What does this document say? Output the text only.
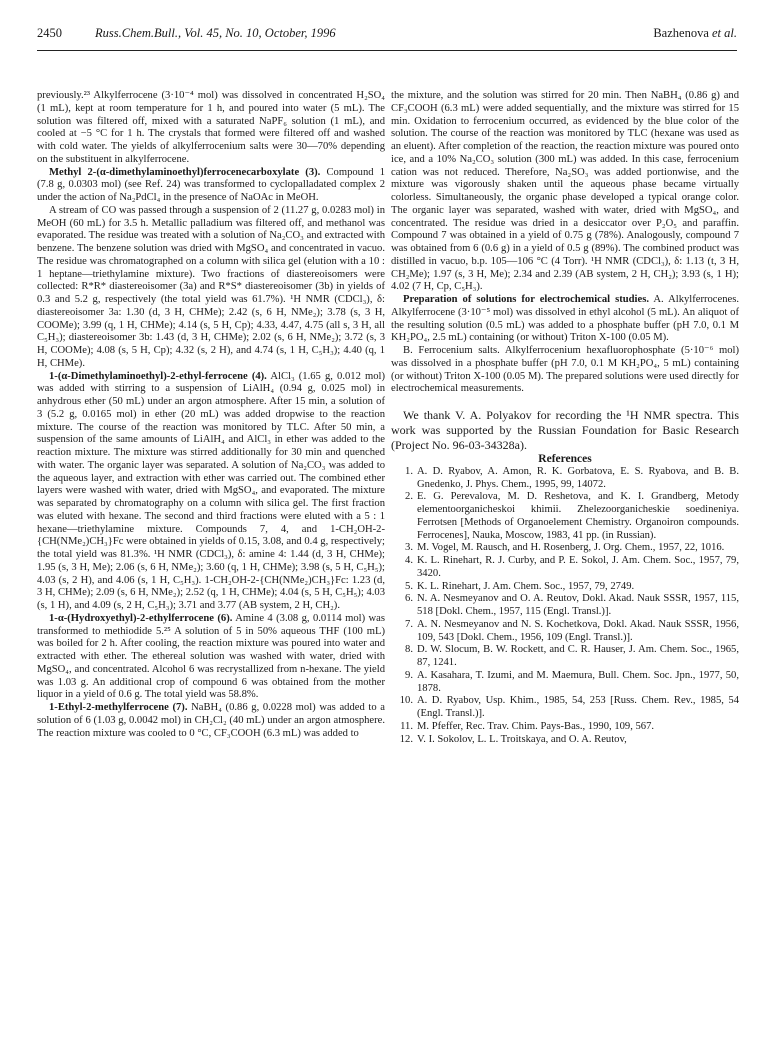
2450	Russ.Chem.Bull., Vol. 45, No. 10, October, 1996	Bazhenova et al.

previously.²³ Alkylferrocene (3·10⁻⁴ mol) was dissolved in concentrated H₂SO₄ (1 mL), kept at room temperature for 1 h, and poured into water (5 mL). The solution was filtered off, mixed with a saturated NaPF₆ solution (1 mL), and cooled at −5 °C for 1 h. The crystals that formed were filtered off and washed with cold water. The yields of alkylferrocenium salts were 30—70% depending on the substituent in alkylferrocene.

Methyl 2-(α-dimethylaminoethyl)ferrocenecarboxylate (3). Compound 1 (7.8 g, 0.0303 mol) (see Ref. 24) was transformed to cyclopalladated complex 2 under the action of Na₂PdCl₄ in the presence of NaOAc in MeOH.

A stream of CO was passed through a suspension of 2 (11.27 g, 0.0283 mol) in MeOH (60 mL) for 3.5 h. Metallic palladium was filtered off, and methanol was evaporated. The residue was treated with a solution of Na₂CO₃ and extracted with benzene. The benzene solution was dried with MgSO₄ and concentrated in vacuo. The residue was chromatographed on a column with silica gel (elution with a 10 : 1 heptane—triethylamine mixture). Two fractions of diastereoisomers were collected: R*R* diastereoisomer (3a) and R*S* diastereoisomer (3b) in yields of 0.3 and 5.2 g, respectively (the total yield was 61.7%). ¹H NMR (CDCl₃), δ: diastereoisomer 3a: 1.30 (d, 3 H, CHMe); 2.42 (s, 6 H, NMe₂); 3.78 (s, 3 H, COOMe); 3.99 (q, 1 H, CHMe); 4.14 (s, 5 H, Cp); 4.33, 4.47, 4.75 (all s, 3 H, all C₅H₃); diastereoisomer 3b: 1.43 (d, 3 H, CHMe); 2.02 (s, 6 H, NMe₂); 3.72 (s, 3 H, COOMe); 4.08 (s, 5 H, Cp); 4.32 (s, 2 H), and 4.74 (s, 1 H, C₅H₃); 4.40 (q, 1 H, CHMe).

1-(α-Dimethylaminoethyl)-2-ethyl-ferrocene (4). AlCl₃ (1.65 g, 0.012 mol) was added with stirring to a suspension of LiAlH₄ (0.94 g, 0.025 mol) in anhydrous ether (50 mL) under an argon atmosphere. After 15 min, a solution of 3 (5.2 g, 0.0165 mol) in ether (20 mL) was added dropwise to the reaction mixture. The course of the reaction was monitored by TLC. After 50 min, a suspension of the same amounts of LiAlH₄ and AlCl₃ in ether was added to the reaction mixture. The mixture was stirred additionally for 30 min and quenched with water. The organic layer was separated. A solution of Na₂CO₃ was added to the aqueous layer, and extraction with ether was carried out. The combined ether layers were washed with water, dried with MgSO₄, and evaporated. The mixture was separated by chromatography on a column with silica gel. The first fraction was eluted with hexane. The second and third fractions were eluted with a 5 : 1 hexane—triethylamine mixture. Compounds 7, 4, and 1-CH₂OH-2-{CH(NMe₂)CH₃}Fc were obtained in yields of 0.15, 3.08, and 0.4 g, respectively; the total yield was 81.3%. ¹H NMR (CDCl₃), δ: amine 4: 1.44 (d, 3 H, CHMe); 1.95 (s, 3 H, Me); 2.06 (s, 6 H, NMe₂); 3.60 (q, 1 H, CHMe); 3.98 (s, 5 H, C₅H₅); 4.03 (s, 2 H), and 4.06 (s, 1 H, C₅H₃). 1-CH₂OH-2-{CH(NMe₂)CH₃}Fc: 1.23 (d, 3 H, CHMe); 2.09 (s, 6 H, NMe₂); 2.52 (q, 1 H, CHMe); 4.04 (s, 5 H, C₅H₅); 4.03 (s, 1 H), and 4.09 (s, 2 H, C₅H₃); 3.71 and 3.77 (AB system, 2 H, CH₂).

1-α-(Hydroxyethyl)-2-ethylferrocene (6). Amine 4 (3.08 g, 0.0114 mol) was transformed to methiodide 5.²⁵ A solution of 5 in 50% aqueous THF (100 mL) was boiled for 2 h. After cooling, the reaction mixture was poured into water and extracted with ether. The ethereal solution was washed with water, dried with MgSO₄, and concentrated. Alcohol 6 was recrystallized from n-hexane. The yield was 1.03 g. An additional crop of compound 6 was obtained from the mother liquor in a yield of 0.6 g. The total yield was 58.8%.

1-Ethyl-2-methylferrocene (7). NaBH₄ (0.86 g, 0.0228 mol) was added to a solution of 6 (1.03 g, 0.0042 mol) in CH₂Cl₂ (40 mL) under an argon atmosphere. The reaction mixture was cooled to 0 °C, CF₃COOH (6.3 mL) was added to

the mixture, and the solution was stirred for 20 min. Then NaBH₄ (0.86 g) and CF₃COOH (6.3 mL) were added sequentially, and the mixture was stirred for 15 min. Oxidation to ferrocenium occurred, as evidenced by the blue color of the solution. The course of the reaction was monitored by TLC (hexane was used as an eluent). After completion of the reaction, the reaction mixture was poured onto ice, and a 10% Na₂CO₃ solution (300 mL) was added. In this case, ferrocenium cation was not reduced. Therefore, Na₂SO₃ was added portionwise, and the mixture was vigorously shaken until the aqueous phase became virtually colorless. Simultaneously, the organic phase developed a typical orange color. The organic layer was separated, washed with water, dried with MgSO₄, and concentrated. The residue was dried in a desiccator over P₂O₅ and paraffin. Compound 7 was obtained in a yield of 0.75 g (78%). Analogously, compound 7 was obtained from 6 (0.6 g) in a yield of 0.5 g (89%). The combined product was distilled in vacuo, b.p. 105—106 °C (4 Torr). ¹H NMR (CDCl₃), δ: 1.13 (t, 3 H, CH₂Me); 1.97 (s, 3 H, Me); 2.34 and 2.39 (AB system, 2 H, CH₂); 3.93 (s, 1 H); 4.02 (7 H, Cp, C₅H₃).

Preparation of solutions for electrochemical studies. A. Alkylferrocenes. Alkylferrocene (3·10⁻⁵ mol) was dissolved in ethyl alcohol (5 mL). An aliquot of the resulting solution (0.5 mL) was added to a phosphate buffer (pH 7.0, 0.1 M KH₂PO₄, 2.5 mL) containing (or without) Triton X-100 (0.05 M).

B. Ferrocenium salts. Alkylferrocenium hexafluorophosphate (5·10⁻⁶ mol) was dissolved in a phosphate buffer (pH 7.0, 0.1 M KH₂PO₄, 5 mL) containing (or without) Triton X-100 (0.05 M). The prepared solutions were used directly for electrochemical measurements.

We thank V. A. Polyakov for recording the ¹H NMR spectra. This work was supported by the Russian Foundation for Basic Research (Project No. 96-03-34328a).

References

1. A. D. Ryabov, A. Amon, R. K. Gorbatova, E. S. Ryabova, and B. B. Gnedenko, J. Phys. Chem., 1995, 99, 14072.
2. E. G. Perevalova, M. D. Reshetova, and K. I. Grandberg, Metody elementoorganicheskoi khimii. Zhelezoorganicheskie soedineniya. Ferrotsen [Methods of Organoelement Chemistry. Organoiron compounds. Ferrocenes], Nauka, Moscow, 1983, 41 pp. (in Russian).
3. M. Vogel, M. Rausch, and H. Rosenberg, J. Org. Chem., 1957, 22, 1016.
4. K. L. Rinehart, R. J. Curby, and P. E. Sokol, J. Am. Chem. Soc., 1957, 79, 3420.
5. K. L. Rinehart, J. Am. Chem. Soc., 1957, 79, 2749.
6. N. A. Nesmeyanov and O. A. Reutov, Dokl. Akad. Nauk SSSR, 1957, 115, 518 [Dokl. Chem., 1957, 115 (Engl. Transl.)].
7. A. N. Nesmeyanov and N. S. Kochetkova, Dokl. Akad. Nauk SSSR, 1956, 109, 543 [Dokl. Chem., 1956, 109 (Engl. Transl.)].
8. D. W. Slocum, B. W. Rockett, and C. R. Hauser, J. Am. Chem. Soc., 1965, 87, 1241.
9. A. Kasahara, T. Izumi, and M. Maemura, Bull. Chem. Soc. Jpn., 1977, 50, 1878.
10. A. D. Ryabov, Usp. Khim., 1985, 54, 253 [Russ. Chem. Rev., 1985, 54 (Engl. Transl.)].
11. M. Pfeffer, Rec. Trav. Chim. Pays-Bas., 1990, 109, 567.
12. V. I. Sokolov, L. L. Troitskaya, and O. A. Reutov,
